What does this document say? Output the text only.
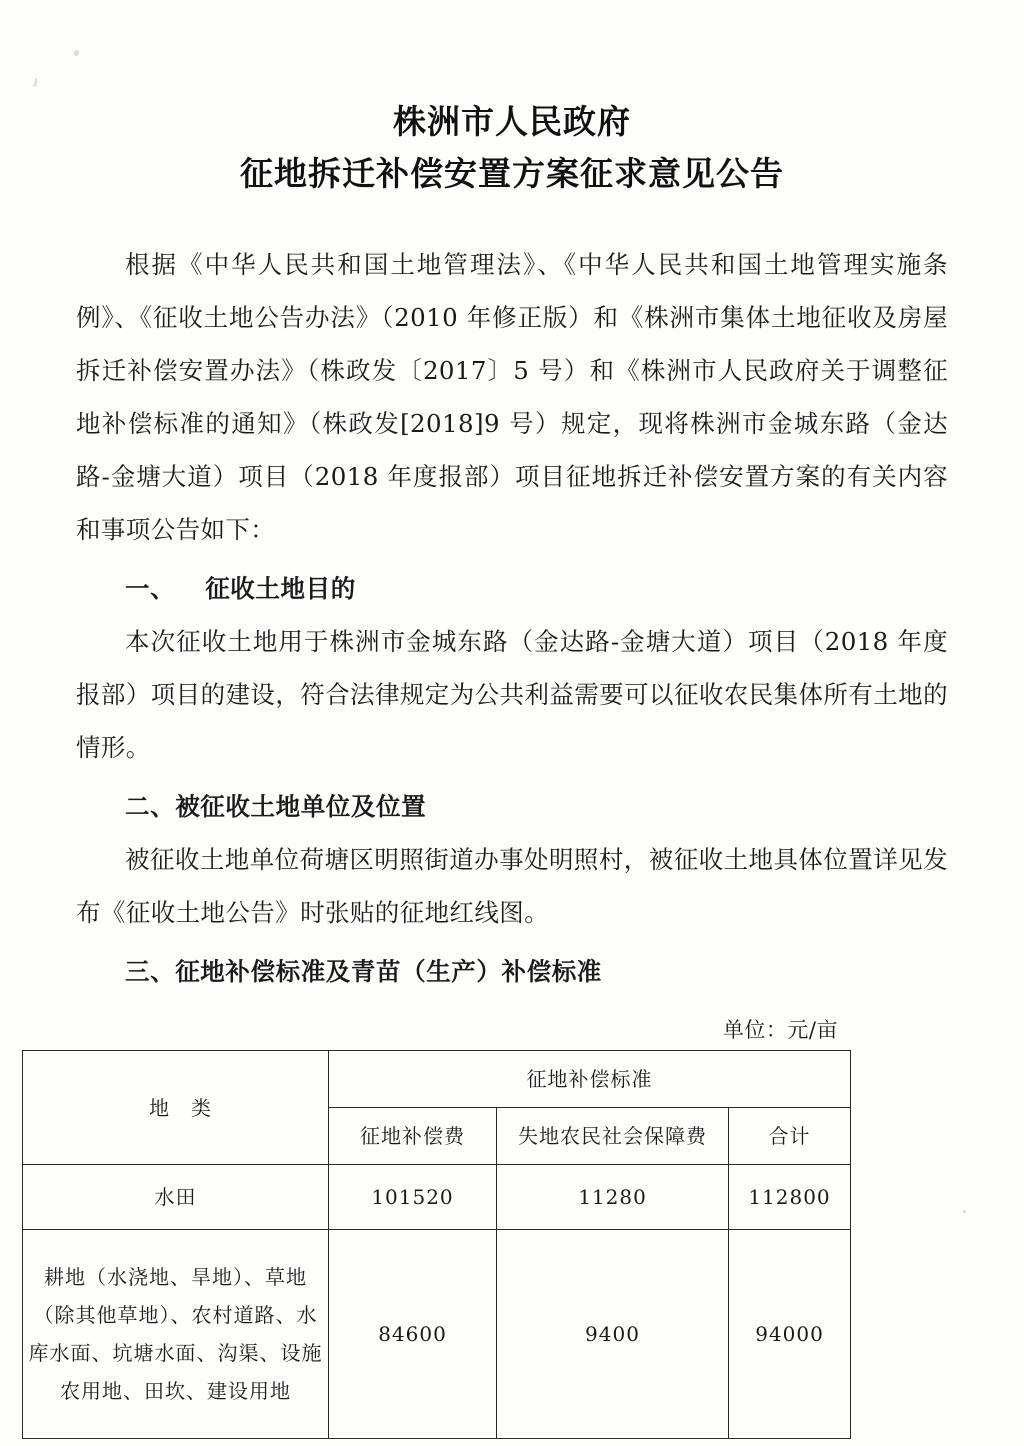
株洲市人民政府
征地拆迁补偿安置方案征求意见公告

根据《中华人民共和国土地管理法》、《中华人民共和国土地管理实施条例》、《征收土地公告办法》（2010 年修正版）和《株洲市集体土地征收及房屋拆迁补偿安置办法》（株政发〔2017〕5 号）和《株洲市人民政府关于调整征地补偿标准的通知》（株政发[2018]9 号）规定，现将株洲市金城东路（金达路-金塘大道）项目（2018 年度报部）项目征地拆迁补偿安置方案的有关内容和事项公告如下：

一、 征收土地目的

本次征收土地用于株洲市金城东路（金达路-金塘大道）项目（2018 年度报部）项目的建设，符合法律规定为公共利益需要可以征收农民集体所有土地的情形。

二、被征收土地单位及位置

被征收土地单位荷塘区明照街道办事处明照村，被征收土地具体位置详见发布《征收土地公告》时张贴的征地红线图。

三、征地补偿标准及青苗（生产）补偿标准
单位：元/亩
地　类	征地补偿标准		
	征地补偿费	失地农民社会保障费	合计
水田	101520	11280	112800
耕地（水浇地、旱地）、草地（除其他草地）、农村道路、水库水面、坑塘水面、沟渠、设施农用地、田坎、建设用地	84600	9400	94000
